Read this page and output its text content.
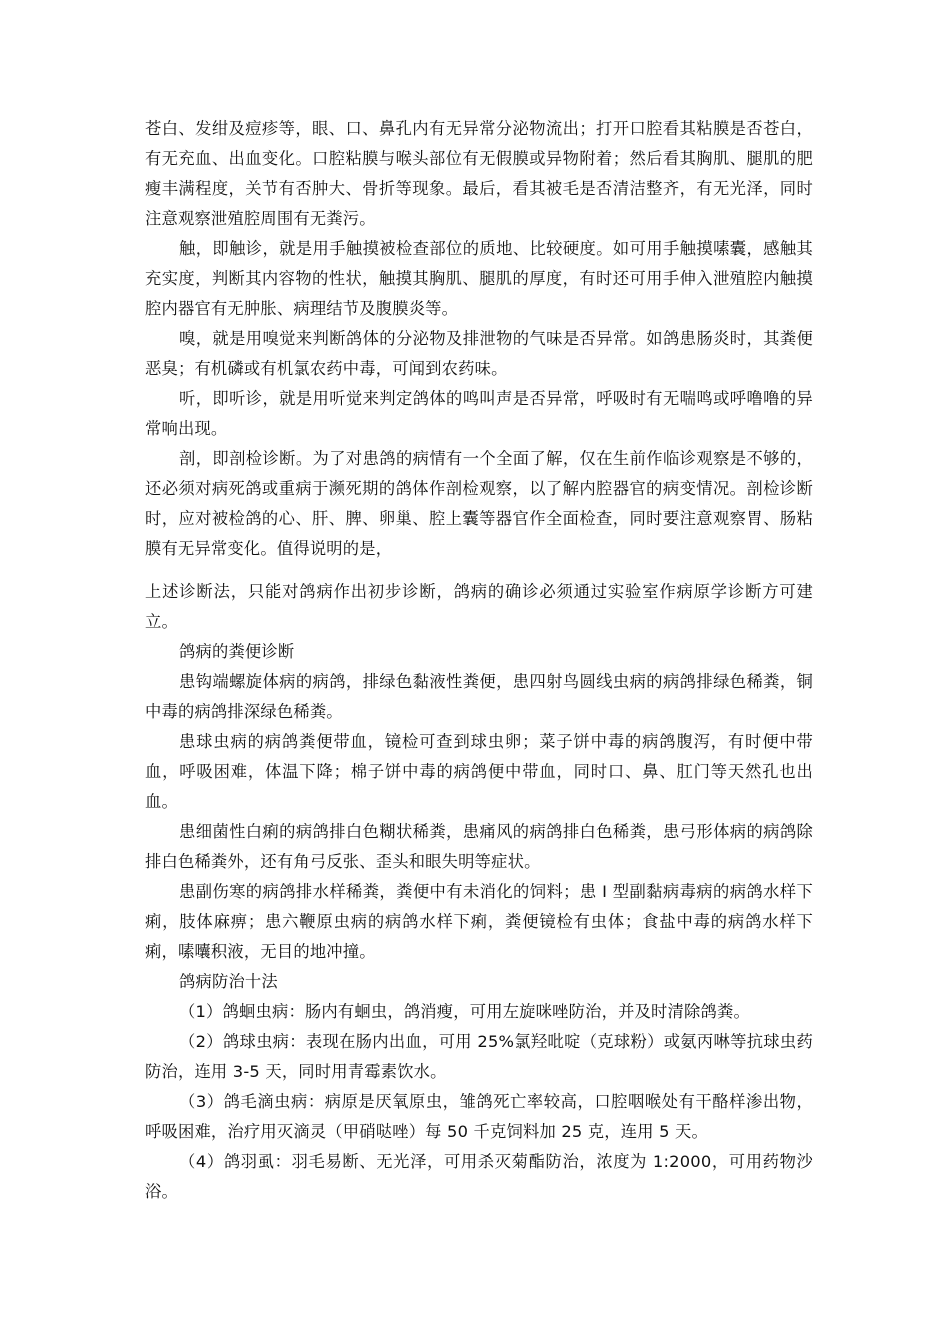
苍白、发绀及痘疹等，眼、口、鼻孔内有无异常分泌物流出；打开口腔看其粘膜是否苍白，有无充血、出血变化。口腔粘膜与喉头部位有无假膜或异物附着；然后看其胸肌、腿肌的肥瘦丰满程度，关节有否肿大、骨折等现象。最后，看其被毛是否清洁整齐，有无光泽，同时注意观察泄殖腔周围有无粪污。

触，即触诊，就是用手触摸被检查部位的质地、比较硬度。如可用手触摸嗉囊，感触其充实度，判断其内容物的性状，触摸其胸肌、腿肌的厚度，有时还可用手伸入泄殖腔内触摸腔内器官有无肿胀、病理结节及腹膜炎等。

嗅，就是用嗅觉来判断鸽体的分泌物及排泄物的气味是否异常。如鸽患肠炎时，其粪便恶臭；有机磷或有机氯农药中毒，可闻到农药味。

听，即听诊，就是用听觉来判定鸽体的鸣叫声是否异常，呼吸时有无喘鸣或呼噜噜的异常响出现。

剖，即剖检诊断。为了对患鸽的病情有一个全面了解，仅在生前作临诊观察是不够的，还必须对病死鸽或重病于濒死期的鸽体作剖检观察，以了解内腔器官的病变情况。剖检诊断时，应对被检鸽的心、肝、脾、卵巢、腔上囊等器官作全面检查，同时要注意观察胃、肠粘膜有无异常变化。值得说明的是，

上述诊断法，只能对鸽病作出初步诊断，鸽病的确诊必须通过实验室作病原学诊断方可建立。

鸽病的粪便诊断

患钩端螺旋体病的病鸽，排绿色黏液性粪便，患四射鸟圆线虫病的病鸽排绿色稀粪，铜中毒的病鸽排深绿色稀粪。

患球虫病的病鸽粪便带血，镜检可查到球虫卵；菜子饼中毒的病鸽腹泻，有时便中带血，呼吸困难，体温下降；棉子饼中毒的病鸽便中带血，同时口、鼻、肛门等天然孔也出血。

患细菌性白痢的病鸽排白色糊状稀粪，患痛风的病鸽排白色稀粪，患弓形体病的病鸽除排白色稀粪外，还有角弓反张、歪头和眼失明等症状。

患副伤寒的病鸽排水样稀粪，粪便中有未消化的饲料；患 I 型副黏病毒病的病鸽水样下痢，肢体麻痹；患六鞭原虫病的病鸽水样下痢，粪便镜检有虫体；食盐中毒的病鸽水样下痢，嗉囔积液，无目的地冲撞。

鸽病防治十法

（1）鸽蛔虫病：肠内有蛔虫，鸽消瘦，可用左旋咪唑防治，并及时清除鸽粪。

（2）鸽球虫病：表现在肠内出血，可用 25%氯羟吡啶（克球粉）或氨丙啉等抗球虫药防治，连用 3-5 天，同时用青霉素饮水。

（3）鸽毛滴虫病：病原是厌氧原虫，雏鸽死亡率较高，口腔咽喉处有干酪样渗出物，呼吸困难，治疗用灭滴灵（甲硝哒唑）每 50 千克饲料加 25 克，连用 5 天。

（4）鸽羽虱：羽毛易断、无光泽，可用杀灭菊酯防治，浓度为 1:2000，可用药物沙浴。
